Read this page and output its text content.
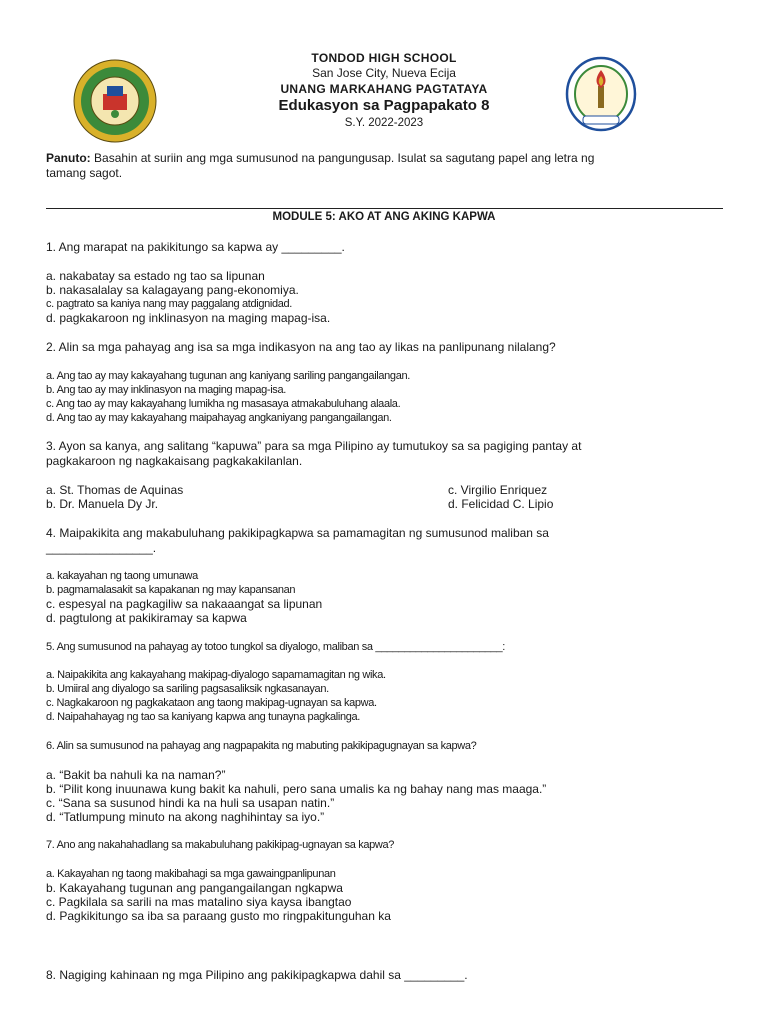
TONDOD HIGH SCHOOL
San Jose City, Nueva Ecija
UNANG MARKAHANG PAGTATAYA
Edukasyon sa Pagpapakato 8
S.Y. 2022-2023
Panuto: Basahin at suriin ang mga sumusunod na pangungusap. Isulat sa sagutang papel ang letra ng
tamang sagot.
MODULE 5: AKO AT ANG AKING KAPWA
1. Ang marapat na pakikitungo sa kapwa ay _________.
a. nakabatay sa estado ng tao sa lipunan
b. nakasalalay sa kalagayang pang-ekonomiya.
c. pagtrato sa kaniya nang may paggalang atdignidad.
d. pagkakaroon ng inklinasyon na maging mapag-isa.
2. Alin sa mga pahayag ang isa sa mga indikasyon na ang tao ay likas na panlipunang nilalang?
a. Ang tao ay may kakayahang tugunan ang kaniyang sariling pangangailangan.
b. Ang tao ay may inklinasyon na maging mapag-isa.
c. Ang tao ay may kakayahang lumikha ng masasaya atmakabuluhang alaala.
d. Ang tao ay may kakayahang maipahayag angkaniyang pangangailangan.
3. Ayon sa kanya, ang salitang “kapuwa” para sa mga Pilipino ay tumutukoy sa sa pagiging pantay at
pagkakaroon ng nagkakaisang pagkakakilanlan.
a. St. Thomas de Aquinas
b. Dr. Manuela Dy Jr.
c. Virgilio Enriquez
d. Felicidad C. Lipio
4. Maipakikita ang makabuluhang pakikipagkapwa sa pamamagitan ng sumusunod maliban sa
________________.
a. kakayahan ng taong umunawa
b. pagmamalasakit sa kapakanan ng may kapansanan
c. espesyal na pagkagiliw sa nakaaangat sa lipunan
d. pagtulong at pakikiramay sa kapwa
5. Ang sumusunod na pahayag ay totoo tungkol sa diyalogo, maliban sa ______________________:
a. Naipakikita ang kakayahang makipag-diyalogo sapamamagitan ng wika.
b. Umiiral ang diyalogo sa sariling pagsasaliksik ngkasanayan.
c. Nagkakaroon ng pagkakataon ang taong makipag-ugnayan sa kapwa.
d. Naipahahayag ng tao sa kaniyang kapwa ang tunayna pagkalinga.
6. Alin sa sumusunod na pahayag ang nagpapakita ng mabuting pakikipagugnayan sa kapwa?
a. “Bakit ba nahuli ka na naman?”
b. “Pilit kong inuunawa kung bakit ka nahuli, pero sana umalis ka ng bahay nang mas maaga.”
c. “Sana sa susunod hindi ka na huli sa usapan natin.”
d. “Tatlumpung minuto na akong naghihintay sa iyo.”
7. Ano ang nakahahadlang sa makabuluhang pakikipag-ugnayan sa kapwa?
a. Kakayahan ng taong makibahagi sa mga gawaingpanlipunan
b. Kakayahang tugunan ang pangangailangan ngkapwa
c. Pagkilala sa sarili na mas matalino siya kaysa ibangtao
d. Pagkikitungo sa iba sa paraang gusto mo ringpakitunguhan ka
8. Nagiging kahinaan ng mga Pilipino ang pakikipagkapwa dahil sa _________.
